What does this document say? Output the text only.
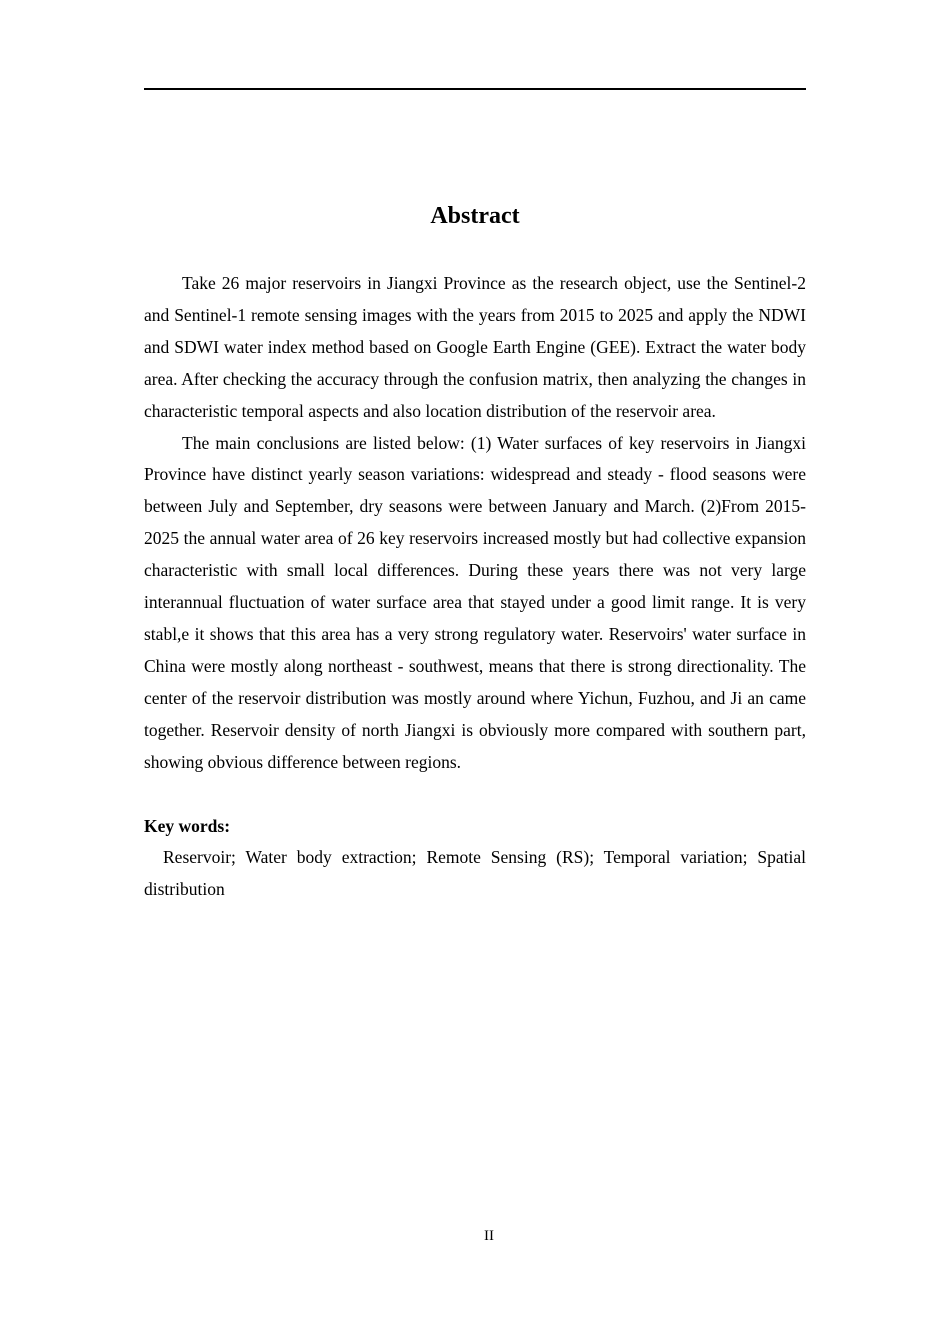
Abstract

Take 26 major reservoirs in Jiangxi Province as the research object, use the Sentinel-2 and Sentinel-1 remote sensing images with the years from 2015 to 2025 and apply the NDWI and SDWI water index method based on Google Earth Engine (GEE). Extract the water body area. After checking the accuracy through the confusion matrix, then analyzing the changes in characteristic temporal aspects and also location distribution of the reservoir area.

The main conclusions are listed below: (1) Water surfaces of key reservoirs in Jiangxi Province have distinct yearly season variations: widespread and steady - flood seasons were between July and September, dry seasons were between January and March. (2)From 2015-2025 the annual water area of 26 key reservoirs increased mostly but had collective expansion characteristic with small local differences. During these years there was not very large interannual fluctuation of water surface area that stayed under a good limit range. It is very stabl,e it shows that this area has a very strong regulatory water. Reservoirs' water surface in China were mostly along northeast - southwest, means that there is strong directionality. The center of the reservoir distribution was mostly around where Yichun, Fuzhou, and Ji an came together. Reservoir density of north Jiangxi is obviously more compared with southern part, showing obvious difference between regions.

Key words:

Reservoir; Water body extraction; Remote Sensing (RS); Temporal variation; Spatial distribution

II
